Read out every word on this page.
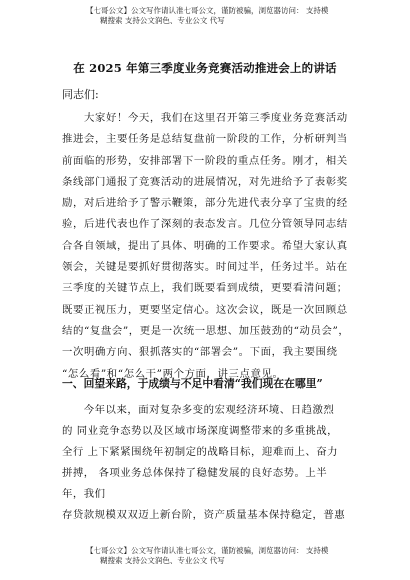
【七哥公文】公文写作请认准七哥公文，谨防被骗，浏览器访问： 支持模
糊搜索 支持公文润色、专业公文 代写
在 2025 年第三季度业务竞赛活动推进会上的讲话
同志们:
　　大家好！今天，我们在这里召开第三季度业务竞赛活动
推进会，主要任务是总结复盘前一阶段的工作，分析研判当
前面临的形势，安排部署下一阶段的重点任务。刚才，相关
条线部门通报了竞赛活动的进展情况，对先进给予了表彰奖
励，对后进给予了警示鞭策，部分先进代表分享了宝贵的经
验，后进代表也作了深刻的表态发言。几位分管领导同志结
合各自领域，提出了具体、明确的工作要求。希望大家认真
领会，关键是要抓好贯彻落实。时间过半，任务过半。站在
三季度的关键节点上，我们既要看到成绩，更要看清问题；
既要正视压力，更要坚定信心。这次会议，既是一次回顾总
结的“复盘会”，更是一次统一思想、加压鼓劲的“动员会”，
一次明确方向、狠抓落实的“部署会”。下面，我主要围绕
“怎么看”和“怎么干”两个方面，讲三点意见。
一、回望来路，于成绩与不足中看清“我们现在在哪里”
　　今年以来，面对复杂多变的宏观经济环境、日趋激烈
的 同业竞争态势以及区域市场深度调整带来的多重挑战，
全行 上下紧紧围绕年初制定的战略目标，迎难而上、奋力
拼搏， 各项业务总体保持了稳健发展的良好态势。上半
年，我们
存贷款规模双双迈上新台阶，资产质量基本保持稳定，普惠
【七哥公文】公文写作请认准七哥公文，谨防被骗，浏览器访问： 支持模
糊搜索 支持公文润色、专业公文 代写
